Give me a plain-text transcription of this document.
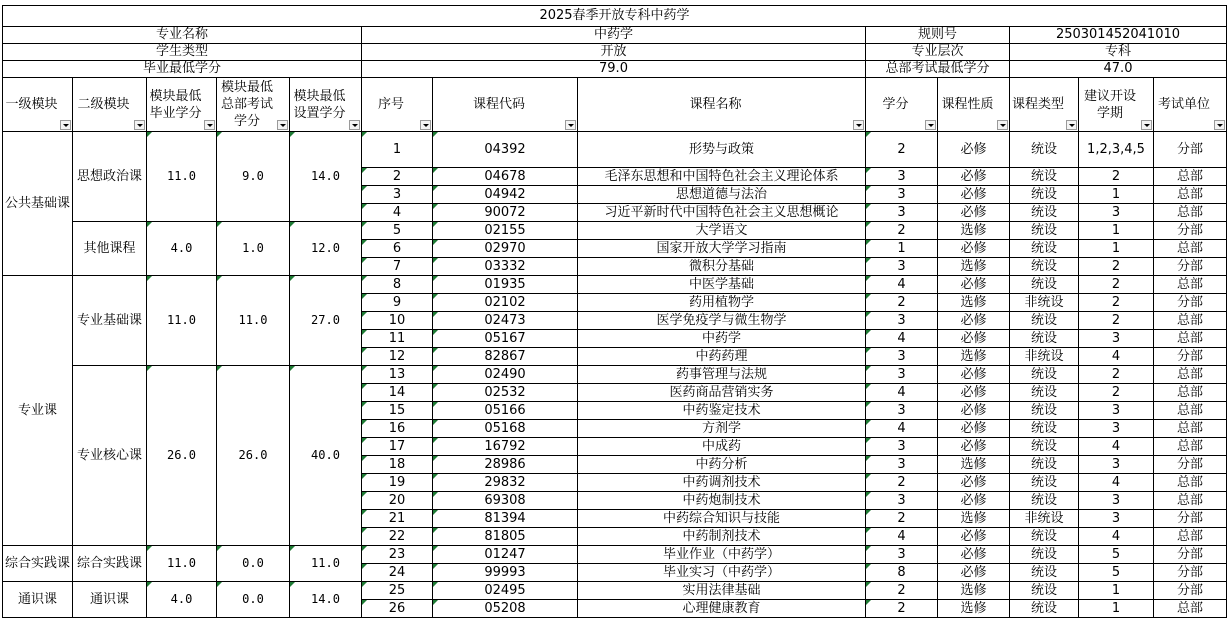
2025春季开放专科中药学												
专业名称					中药学			规则号		250301452041010		
学生类型					开放			专业层次		专科		
毕业最低学分					79.0			总部考试最低学分		47.0		

一级模块	二级模块	模块最低毕业学分	模块最低总部考试学分	模块最低设置学分	序号	课程代码	课程名称	学分	课程性质	课程类型	建议开设学期	考试单位

公共基础课	思想政治课	11.0	9.0	14.0	1	04392	形势与政策	2	必修	统设	1,2,3,4,5	分部

2	04678	毛泽东思想和中国特色社会主义理论体系	3	必修	统设	2	总部

3	04942	思想道德与法治	3	必修	统设	1	总部

4	90072	习近平新时代中国特色社会主义思想概论	3	必修	统设	3	总部
	其他课程	4.0	1.0	12.0	5	02155	大学语文	2	选修	统设	1	分部

6	02970	国家开放大学学习指南	1	必修	统设	1	总部

7	03332	微积分基础	3	选修	统设	2	分部
专业课	专业基础课	11.0	11.0	27.0	8	01935	中医学基础	4	必修	统设	2	总部

9	02102	药用植物学	2	选修	非统设	2	分部

10	02473	医学免疫学与微生物学	3	必修	统设	2	总部

11	05167	中药学	4	必修	统设	3	总部

12	82867	中药药理	3	选修	非统设	4	分部
	专业核心课	26.0	26.0	40.0	13	02490	药事管理与法规	3	必修	统设	2	总部

14	02532	医药商品营销实务	4	必修	统设	2	总部

15	05166	中药鉴定技术	3	必修	统设	3	总部

16	05168	方剂学	4	必修	统设	3	总部

17	16792	中成药	3	必修	统设	4	总部

18	28986	中药分析	3	选修	统设	3	分部

19	29832	中药调剂技术	2	必修	统设	4	总部

20	69308	中药炮制技术	3	必修	统设	3	总部

21	81394	中药综合知识与技能	2	选修	非统设	3	分部

22	81805	中药制剂技术	4	必修	统设	4	总部
综合实践课	综合实践课	11.0	0.0	11.0	23	01247	毕业作业（中药学）	3	必修	统设	5	分部

24	99993	毕业实习（中药学）	8	必修	统设	5	分部
通识课	通识课	4.0	0.0	14.0	25	02495	实用法律基础	2	选修	统设	1	分部

26	05208	心理健康教育	2	选修	统设	1	总部
